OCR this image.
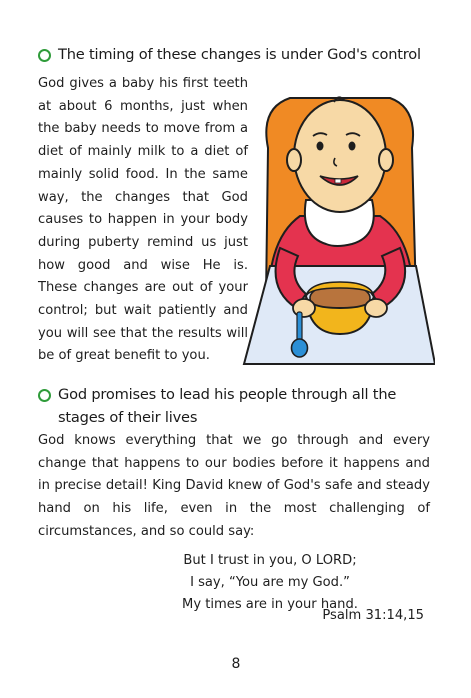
The timing of these changes is under God's control

God gives a baby his first teeth at about 6 months, just when the baby needs to move from a diet of mainly milk to a diet of mainly solid food. In the same way, the changes that God causes to happen in your body during puberty remind us just how good and wise He is. These changes are out of your control; but wait patiently and you will see that the results will be of great benefit to you.

God promises to lead his people through all the stages of their lives

God knows everything that we go through and every change that happens to our bodies before it happens and in precise detail! King David knew of God's safe and steady hand on his life, even in the most challenging of circumstances, and so could say:

But I trust in you, O LORD;
I say, “You are my God.”
My times are in your hand.
Psalm 31:14,15
8
